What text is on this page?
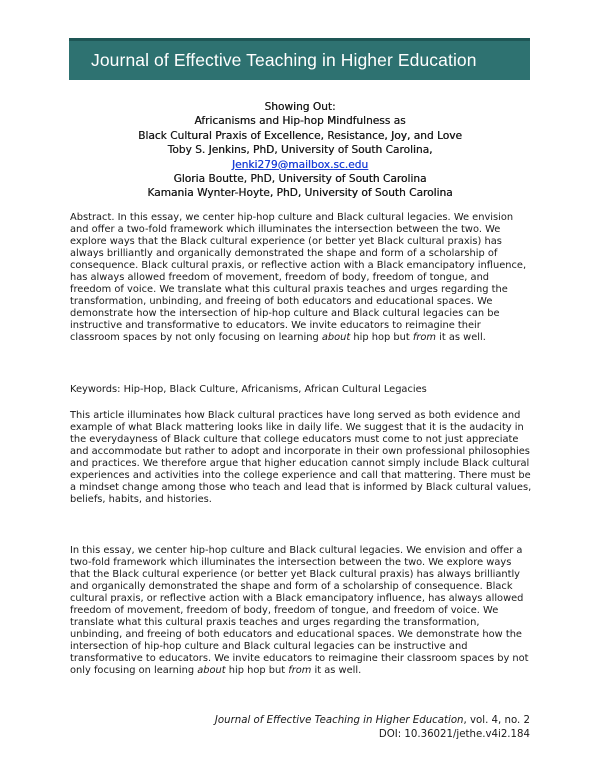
Journal of Effective Teaching in Higher Education
Showing Out:
Africanisms and Hip-hop Mindfulness as
Black Cultural Praxis of Excellence, Resistance, Joy, and Love
Toby S. Jenkins, PhD, University of South Carolina,
Jenki279@mailbox.sc.edu
Gloria Boutte, PhD, University of South Carolina
Kamania Wynter-Hoyte, PhD, University of South Carolina

Abstract. In this essay, we center hip-hop culture and Black cultural legacies. We envision and offer a two-fold framework which illuminates the intersection between the two. We explore ways that the Black cultural experience (or better yet Black cultural praxis) has always brilliantly and organically demonstrated the shape and form of a scholarship of consequence. Black cultural praxis, or reflective action with a Black emancipatory influence, has always allowed freedom of movement, freedom of body, freedom of tongue, and freedom of voice. We translate what this cultural praxis teaches and urges regarding the transformation, unbinding, and freeing of both educators and educational spaces. We demonstrate how the intersection of hip-hop culture and Black cultural legacies can be instructive and transformative to educators. We invite educators to reimagine their classroom spaces by not only focusing on learning about hip hop but from it as well.

Keywords: Hip-Hop, Black Culture, Africanisms, African Cultural Legacies

This article illuminates how Black cultural practices have long served as both evidence and example of what Black mattering looks like in daily life. We suggest that it is the audacity in the everydayness of Black culture that college educators must come to not just appreciate and accommodate but rather to adopt and incorporate in their own professional philosophies and practices. We therefore argue that higher education cannot simply include Black cultural experiences and activities into the college experience and call that mattering. There must be a mindset change among those who teach and lead that is informed by Black cultural values, beliefs, habits, and histories.

In this essay, we center hip-hop culture and Black cultural legacies. We envision and offer a two-fold framework which illuminates the intersection between the two. We explore ways that the Black cultural experience (or better yet Black cultural praxis) has always brilliantly and organically demonstrated the shape and form of a scholarship of consequence. Black cultural praxis, or reflective action with a Black emancipatory influence, has always allowed freedom of movement, freedom of body, freedom of tongue, and freedom of voice. We translate what this cultural praxis teaches and urges regarding the transformation, unbinding, and freeing of both educators and educational spaces. We demonstrate how the intersection of hip-hop culture and Black cultural legacies can be instructive and transformative to educators. We invite educators to reimagine their classroom spaces by not only focusing on learning about hip hop but from it as well.

Journal of Effective Teaching in Higher Education, vol. 4, no. 2
DOI: 10.36021/jethe.v4i2.184
